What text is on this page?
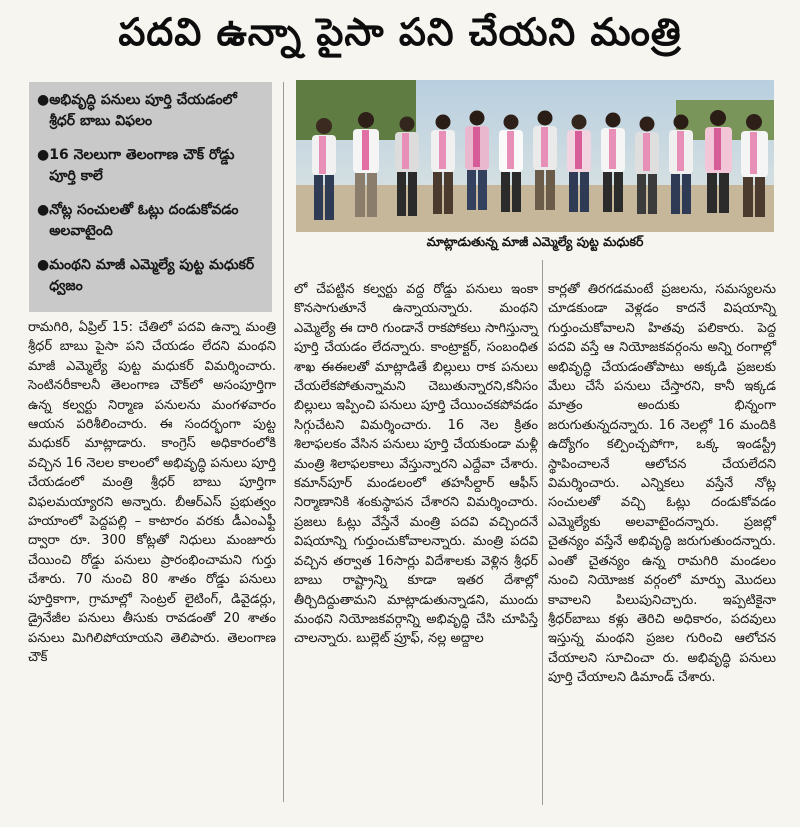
పదవి ఉన్నా పైసా పని చేయని మంత్రి
● అభివృద్ధి పనులు పూర్తి చేయడంలో శ్రీధర్ బాబు విఫలం
● 16 నెలలుగా తెలంగాణ చౌక్ రోడ్డు పూర్తి కాలే
● నోట్ల సంచులతో ఓట్లు దండుకోవడం అలవాటైంది
● మంథని మాజీ ఎమ్మెల్యే పుట్ట మధుకర్ ధ్వజం
మాట్లాడుతున్న మాజీ ఎమ్మెల్యే పుట్ట మధుకర్

రామగిరి, ఏప్రిల్ 15: చేతిలో పదవి ఉన్నా మంత్రి శ్రీధర్ బాబు పైసా పని చేయడం లేదని మంథని మాజీ ఎమ్మెల్యే పుట్ట మధుకర్ విమర్శించారు. సెంటినరీకాలనీ తెలంగాణ చౌక్‌లో అసంపూర్తిగా ఉన్న కల్వర్టు నిర్మాణ పనులను మంగళవారం ఆయన పరిశీలించారు. ఈ సందర్భంగా పుట్ట మధుకర్ మాట్లాడారు. కాంగ్రెస్ అధికారంలోకి వచ్చిన 16 నెలల కాలంలో అభివృద్ధి పనులు పూర్తి చేయడంలో మంత్రి శ్రీధర్ బాబు పూర్తిగా విఫలమయ్యారని అన్నారు. బీఆర్ఎస్ ప్రభుత్వం హయాంలో పెద్దపల్లి – కాటారం వరకు డీఎంఎఫ్టీ ద్వారా రూ. 300 కోట్లతో నిధులు మంజూరు చేయించి రోడ్డు పనులు ప్రారంభించామని గుర్తు చేశారు. 70 నుంచి 80 శాతం రోడ్డు పనులు పూర్తికాగా, గ్రామాల్లో సెంట్రల్ లైటింగ్, డివైడర్లు, డ్రైనేజీల పనులు తీసుకు రావడంతో 20 శాతం పనులు మిగిలిపోయాయని తెలిపారు. తెలంగాణ చౌక్

లో చేపట్టిన కల్వర్టు వద్ద రోడ్డు పనులు ఇంకా కొనసాగుతూనే ఉన్నాయన్నారు. మంథని ఎమ్మెల్యే ఈ దారి గుండానే రాకపోకలు సాగిస్తున్నా పూర్తి చేయడం లేదన్నారు. కాంట్రాక్టర్, సంబంధిత శాఖ ఈఈలతో మాట్లాడితే బిల్లులు రాక పనులు చేయలేకపోతున్నామని చెబుతున్నారని,కనీసం బిల్లులు ఇప్పించి పనులు పూర్తి చేయించకపోవడం సిగ్గుచేటని విమర్శించారు. 16 నెల క్రితం శిలాఫలకం వేసిన పనులు పూర్తి చేయకుండా మళ్లీ మంత్రి శిలాఫలకాలు వేస్తున్నారని ఎద్దేవా చేశారు. కమాన్‌పూర్ మండలంలో తహసీల్దార్ ఆఫీస్ నిర్మాణానికి శంకుస్థాపన చేశారని విమర్శించారు. ప్రజలు ఓట్లు వేస్తేనే మంత్రి పదవి వచ్చిందనే విషయాన్ని గుర్తుంచుకోవాలన్నారు. మంత్రి పదవి వచ్చిన తర్వాత 16సార్లు విదేశాలకు వెళ్లిన శ్రీధర్ బాబు రాష్ట్రాన్ని కూడా ఇతర దేశాల్లో తీర్చిదిద్దుతామని మాట్లాడుతున్నాడని, ముందు మంథని నియోజకవర్గాన్ని అభివృద్ధి చేసి చూపిస్తే చాలన్నారు. బుల్లెట్ ప్రూఫ్, నల్ల అద్దాల

కార్లతో తిరగడమంటే ప్రజలను, సమస్యలను చూడకుండా వెళ్లడం కాదనే విషయాన్ని గుర్తుంచుకోవాలని హితవు పలికారు. పెద్ద పదవి వస్తే ఆ నియోజకవర్గంను అన్ని రంగాల్లో అభివృద్ధి చేయడంతోపాటు అక్కడి ప్రజలకు మేలు చేసే పనులు చేస్తారని, కానీ ఇక్కడ మాత్రం అందుకు భిన్నంగా జరుగుతున్నదన్నారు. 16 నెలల్లో 16 మందికి ఉద్యోగం కల్పించ్చపోగా, ఒక్క ఇండస్ట్రీ స్థాపించాలనే ఆలోచన చేయలేదని విమర్శించారు. ఎన్నికలు వస్తేనే నోట్ల సంచులతో వచ్చి ఓట్లు దండుకోవడం ఎమ్మెల్యేకు అలవాటైందన్నారు. ప్రజల్లో చైతన్యం వస్తేనే అభివృద్ధి జరుగుతుందన్నారు. ఎంతో చైతన్యం ఉన్న రామగిరి మండలం నుంచి నియోజక వర్గంలో మార్పు మొదలు కావాలని పిలుపునిచ్చారు. ఇప్పటికైనా శ్రీధర్‌బాబు కళ్లు తెరిచి అధికారం, పదవులు ఇస్తున్న మంథని ప్రజల గురించి ఆలోచన చేయాలని సూచించా రు. అభివృద్ధి పనులు పూర్తి చేయాలని డిమాండ్ చేశారు.
